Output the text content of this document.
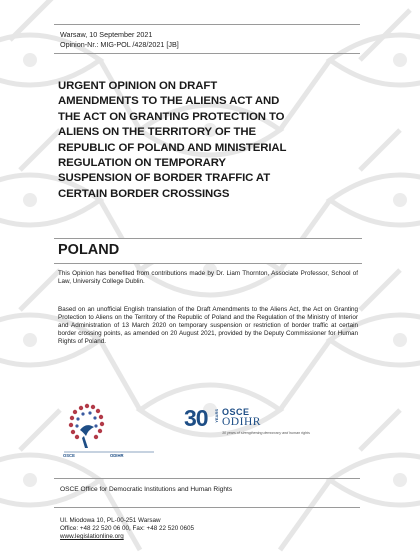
Warsaw, 10 September 2021
Opinion-Nr.: MIG-POL /428/2021 [JB]
URGENT OPINION ON DRAFT
AMENDMENTS TO THE ALIENS ACT AND
THE ACT ON GRANTING PROTECTION TO
ALIENS ON THE TERRITORY OF THE
REPUBLIC OF POLAND AND MINISTERIAL
REGULATION ON TEMPORARY
SUSPENSION OF BORDER TRAFFIC AT
CERTAIN BORDER CROSSINGS
POLAND
This Opinion has benefited from contributions made by Dr. Liam Thornton, Associate Professor, School of Law, University College Dublin.
Based on an unofficial English translation of the Draft Amendments to the Aliens Act, the Act on Granting Protection to Aliens on the Territory of the Republic of Poland and the Regulation of the Ministry of Interior and Administration of 13 March 2020 on temporary suspension or restriction of border traffic at certain border crossing points, as amended on 20 August 2021, provided by the Deputy Commissioner for Human Rights of Poland.
OSCE	ODIHR
30 YEARS OSCE
ODIHR
30 years of strengthening democracy and human rights
OSCE Office for Democratic Institutions and Human Rights
Ul. Miodowa 10, PL-00-251 Warsaw
Office: +48 22 520 06 00, Fax: +48 22 520 0605
www.legislationline.org
